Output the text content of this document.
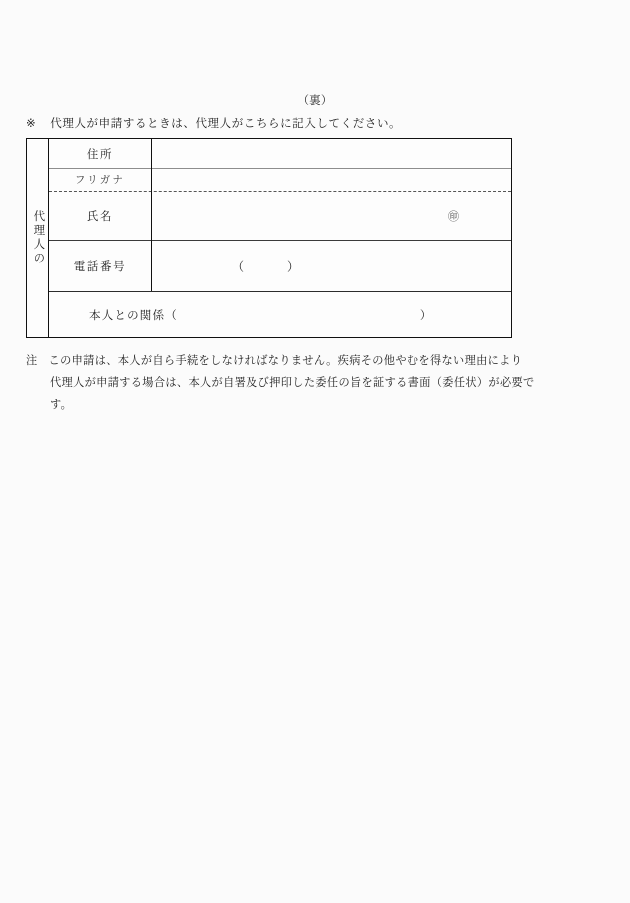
（裏）
※ 代理人が申請するときは、代理人がこちらに記入してください。
代理人の
住所
フリガナ
氏名	㊞
電話番号	（	）
本人との関係 （	）
注 この申請は、本人が自ら手続をしなければなりません。疾病その他やむを得ない理由により
代理人が申請する場合は、本人が自署及び押印した委任の旨を証する書面（委任状）が必要で
す。
